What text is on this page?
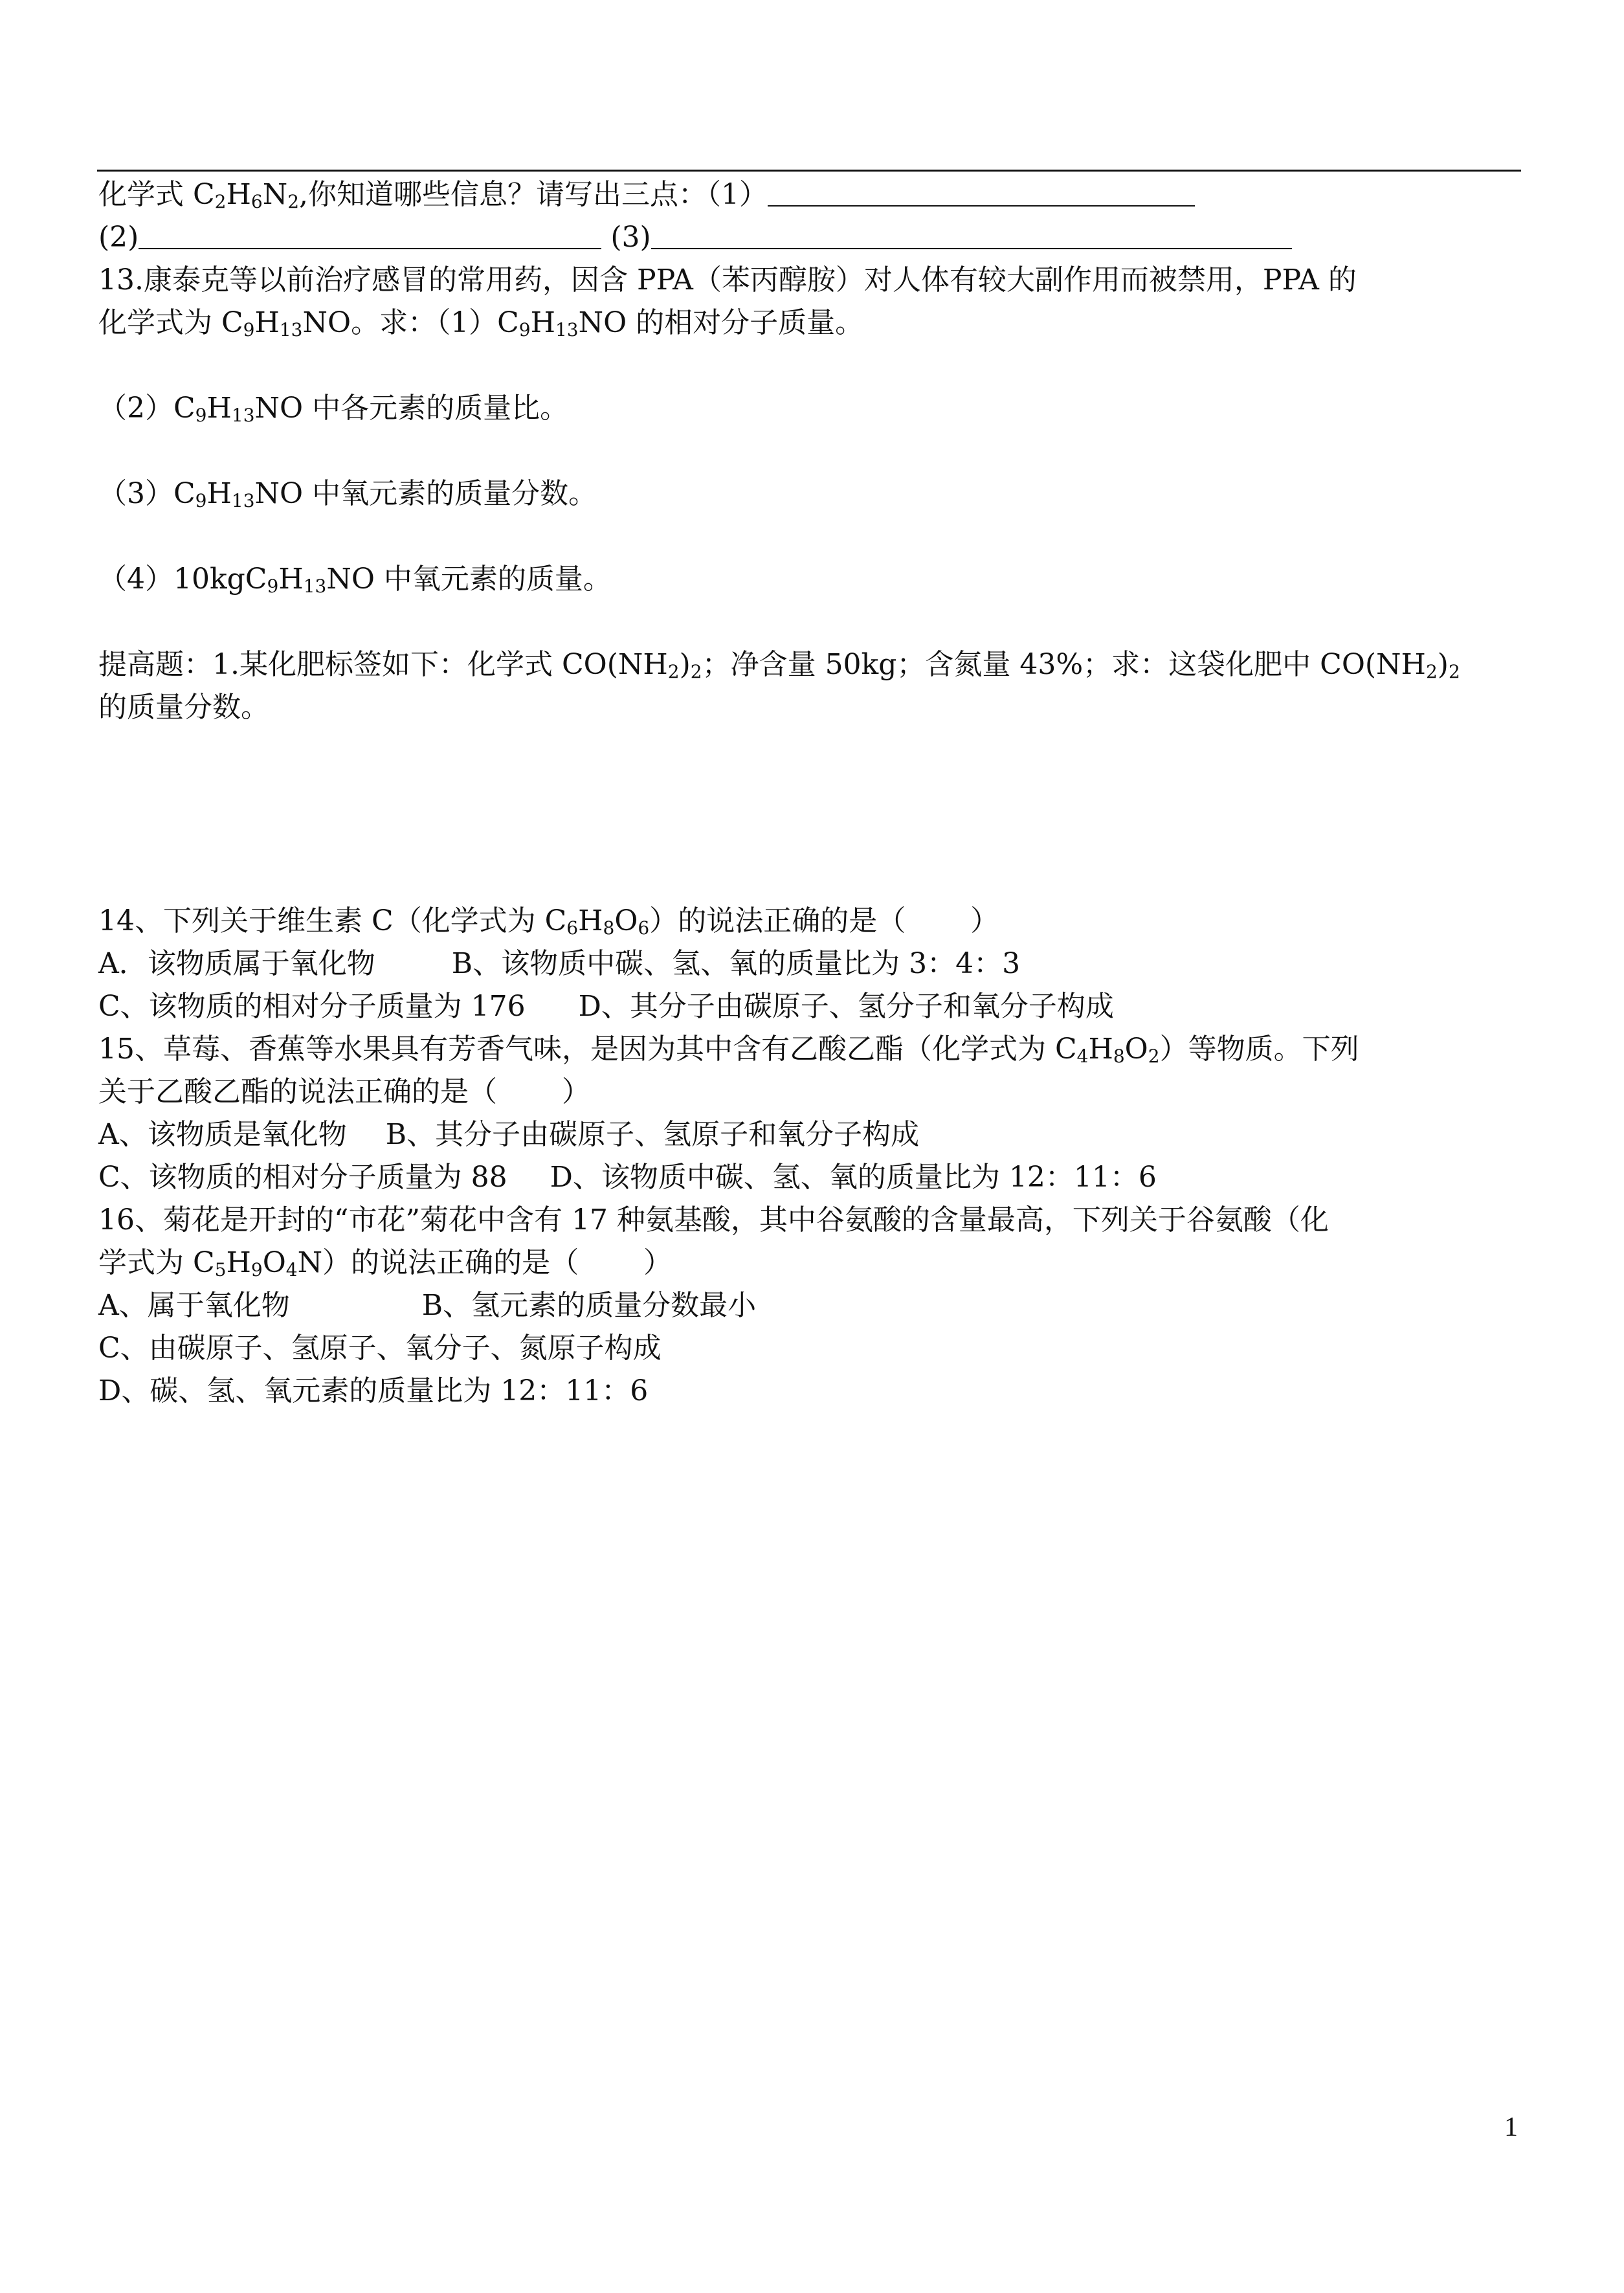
化学式 $C_2H_6N_2$,你知道哪些信息？请写出三点：（1）
(2)	(3)
13.康泰克等以前治疗感冒的常用药，因含 PPA（苯丙醇胺）对人体有较大副作用而被禁用，PPA 的
化学式为 $C_9H_{13}NO$。求：$(1)C_9H_{13}NO$ 的相对分子质量。
$(2)C_9H_{13}NO$ 中各元素的质量比。
$(3)C_9H_{13}NO$ 中氧元素的质量分数。
$(4)10kgC_9H_{13}NO$ 中氧元素的质量。
提高题：1.某化肥标签如下：化学式 $CO(NH_2)_2$；净含量 50kg；含氮量 43%；求：这袋化肥中 $CO(NH_2)_2$
的质量分数。
14、下列关于维生素 C（化学式为 $C_6H_8O_6$）的说法正确的是（ ）
A．该物质属于氧化物	B、该物质中碳、氢、氧的质量比为 3：4：3
C、该物质的相对分子质量为 176 D、其分子由碳原子、氢分子和氧分子构成
15、草莓、香蕉等水果具有芳香气味，是因为其中含有乙酸乙酯（化学式为 $C_4H_8O_2$）等物质。下列
关于乙酸乙酯的说法正确的是（ ）
A、该物质是氧化物 B、其分子由碳原子、氢原子和氧分子构成
C、该物质的相对分子质量为 88 D、该物质中碳、氢、氧的质量比为 12：11：6
16、菊花是开封的“市花”菊花中含有 17 种氨基酸，其中谷氨酸的含量最高，下列关于谷氨酸（化
学式为 $C_5H_9O_4N$）的说法正确的是（ ）
A、属于氧化物	B、氢元素的质量分数最小
C、由碳原子、氢原子、氧分子、氮原子构成
D、碳、氢、氧元素的质量比为 12：11：6
1
